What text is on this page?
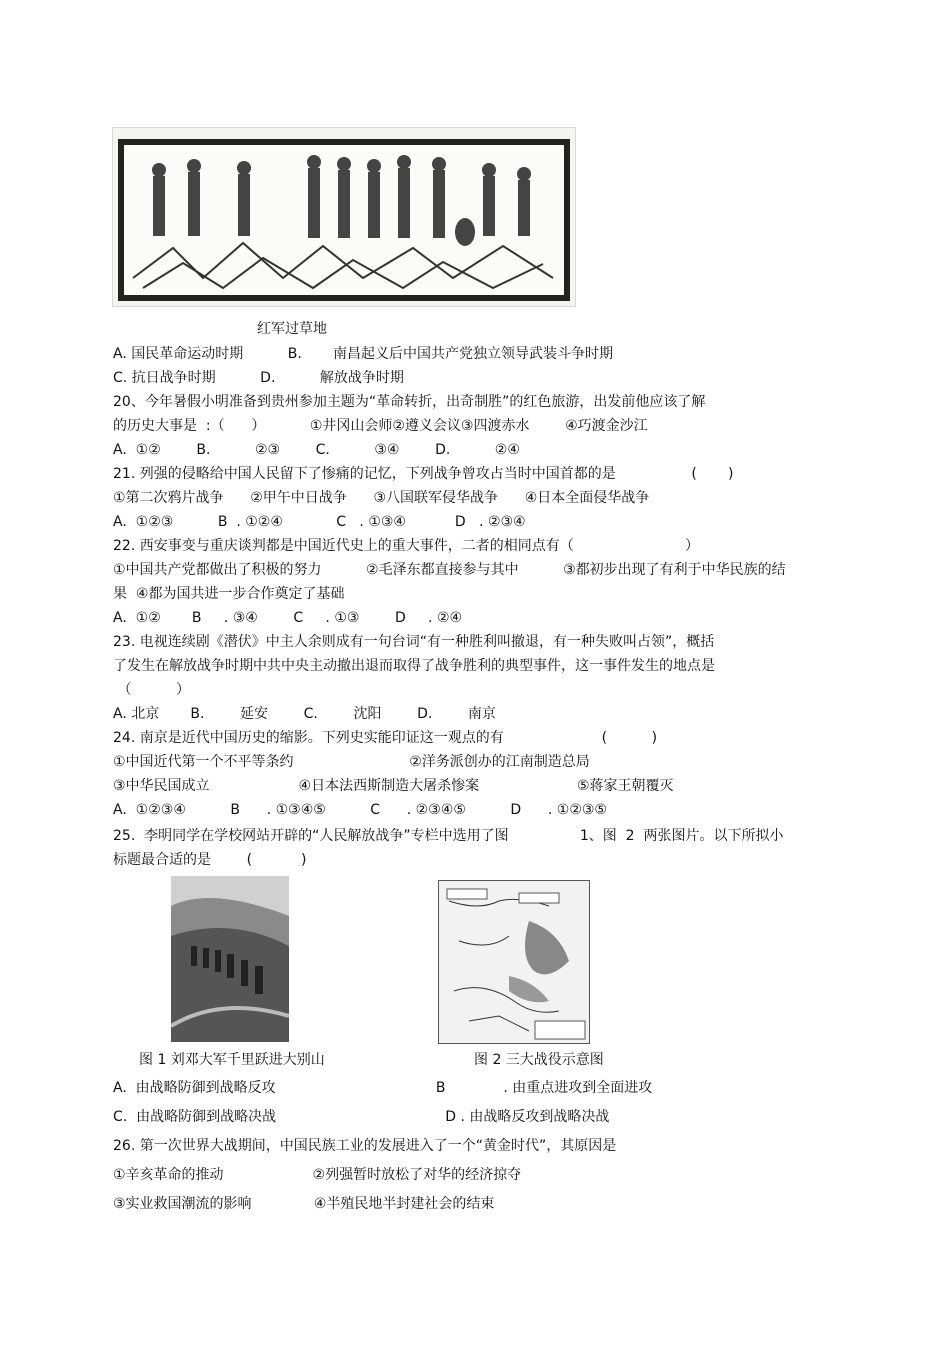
红军过草地
A. 国民革命运动时期          B.       南昌起义后中国共产党独立领导武装斗争时期
C. 抗日战争时期          D.          解放战争时期
20、今年暑假小明准备到贵州参加主题为“革命转折，出奇制胜”的红色旅游，出发前他应该了解
的历史大事是  :（      ）          ①井冈山会师②遵义会议③四渡赤水        ④巧渡金沙江
A.  ①②        B.          ②③        C.          ③④        D.          ②④
21. 列强的侵略给中国人民留下了惨痛的记忆，下列战争曾攻占当时中国首都的是                 (       )
①第二次鸦片战争      ②甲午中日战争      ③八国联军侵华战争      ④日本全面侵华战争
A.  ①②③          B  . ①②④            C   . ①③④           D   . ②③④
22. 西安事变与重庆谈判都是中国近代史上的重大事件，二者的相同点有（                         ）
①中国共产党都做出了积极的努力          ②毛泽东都直接参与其中          ③都初步出现了有利于中华民族的结
果  ④都为国共进一步合作奠定了基础
A.  ①②       B     . ③④        C     . ①③        D     . ②④
23. 电视连续剧《潜伏》中主人余则成有一句台词“有一种胜利叫撤退，有一种失败叫占领”，概括
了发生在解放战争时期中共中央主动撤出退而取得了战争胜利的典型事件，这一事件发生的地点是
（          ）
A. 北京       B.        延安        C.        沈阳        D.        南京
24. 南京是近代中国历史的缩影。下列史实能印证这一观点的有                      (          )
①中国近代第一个不平等条约                          ②洋务派创办的江南制造总局
③中华民国成立                    ④日本法西斯制造大屠杀惨案                      ⑤蒋家王朝覆灭
A.  ①②③④          B      . ①③④⑤          C      . ②③④⑤          D      . ①②③⑤
25.  李明同学在学校网站开辟的“人民解放战争”专栏中选用了图                1、图  2  两张图片。以下所拟小
标题最合适的是        (           )
图 1 刘邓大军千里跃进大别山	图 2 三大战役示意图
A.  由战略防御到战略反攻                                    B             . 由重点进攻到全面进攻
C.  由战略防御到战略决战                                      D . 由战略反攻到战略决战
26. 第一次世界大战期间，中国民族工业的发展进入了一个“黄金时代”，其原因是
①辛亥革命的推动                    ②列强暂时放松了对华的经济掠夺
③实业救国潮流的影响              ④半殖民地半封建社会的结束
